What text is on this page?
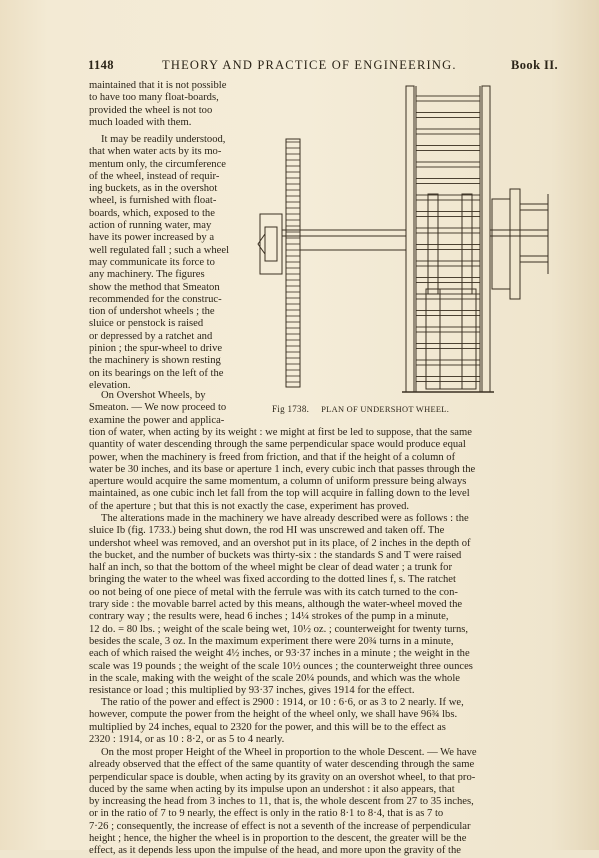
1148	THEORY AND PRACTICE OF ENGINEERING.	Book II.

maintained that it is not possible
to have too many float-boards,
provided the wheel is not too
much loaded with them.

It may be readily understood,
that when water acts by its mo-
mentum only, the circumference
of the wheel, instead of requir-
ing buckets, as in the overshot
wheel, is furnished with float-
boards, which, exposed to the
action of running water, may
have its power increased by a
well regulated fall ; such a wheel
may communicate its force to
any machinery. The figures
show the method that Smeaton
recommended for the construc-
tion of undershot wheels ; the
sluice or penstock is raised
or depressed by a ratchet and
pinion ; the spur-wheel to drive
the machinery is shown resting
on its bearings on the left of the
elevation.

On Overshot Wheels, by
Smeaton. — We now proceed to
examine the power and applica-

Fig 1738. PLAN OF UNDERSHOT WHEEL.

tion of water, when acting by its weight : we might at first be led to suppose, that the same
quantity of water descending through the same perpendicular space would produce equal
power, when the machinery is freed from friction, and that if the height of a column of
water be 30 inches, and its base or aperture 1 inch, every cubic inch that passes through the
aperture would acquire the same momentum, a column of uniform pressure being always
maintained, as one cubic inch let fall from the top will acquire in falling down to the level
of the aperture ; but that this is not exactly the case, experiment has proved.

The alterations made in the machinery we have already described were as follows : the
sluice Ib (fig. 1733.) being shut down, the rod HI was unscrewed and taken off. The
undershot wheel was removed, and an overshot put in its place, of 2 inches in the depth of
the bucket, and the number of buckets was thirty-six : the standards S and T were raised
half an inch, so that the bottom of the wheel might be clear of dead water ; a trunk for
bringing the water to the wheel was fixed according to the dotted lines f, s. The ratchet
oo not being of one piece of metal with the ferrule was with its catch turned to the con-
trary side : the movable barrel acted by this means, although the water-wheel moved the
contrary way ; the results were, head 6 inches ; 14¼ strokes of the pump in a minute,
12 do. = 80 lbs. ; weight of the scale being wet, 10½ oz. ; counterweight for twenty turns,
besides the scale, 3 oz. In the maximum experiment there were 20¾ turns in a minute,
each of which raised the weight 4½ inches, or 93·37 inches in a minute ; the weight in the
scale was 19 pounds ; the weight of the scale 10½ ounces ; the counterweight three ounces
in the scale, making with the weight of the scale 20¼ pounds, and which was the whole
resistance or load ; this multiplied by 93·37 inches, gives 1914 for the effect.

The ratio of the power and effect is 2900 : 1914, or 10 : 6·6, or as 3 to 2 nearly. If we,
however, compute the power from the height of the wheel only, we shall have 96¾ lbs.
multiplied by 24 inches, equal to 2320 for the power, and this will be to the effect as
2320 : 1914, or as 10 : 8·2, or as 5 to 4 nearly.

On the most proper Height of the Wheel in proportion to the whole Descent. — We have
already observed that the effect of the same quantity of water descending through the same
perpendicular space is double, when acting by its gravity on an overshot wheel, to that pro-
duced by the same when acting by its impulse upon an undershot : it also appears, that
by increasing the head from 3 inches to 11, that is, the whole descent from 27 to 35 inches,
or in the ratio of 7 to 9 nearly, the effect is only in the ratio 8·1 to 8·4, that is as 7 to
7·26 ; consequently, the increase of effect is not a seventh of the increase of perpendicular
height ; hence, the higher the wheel is in proportion to the descent, the greater will be the
effect, as it depends less upon the impulse of the head, and more upon the gravity of the
